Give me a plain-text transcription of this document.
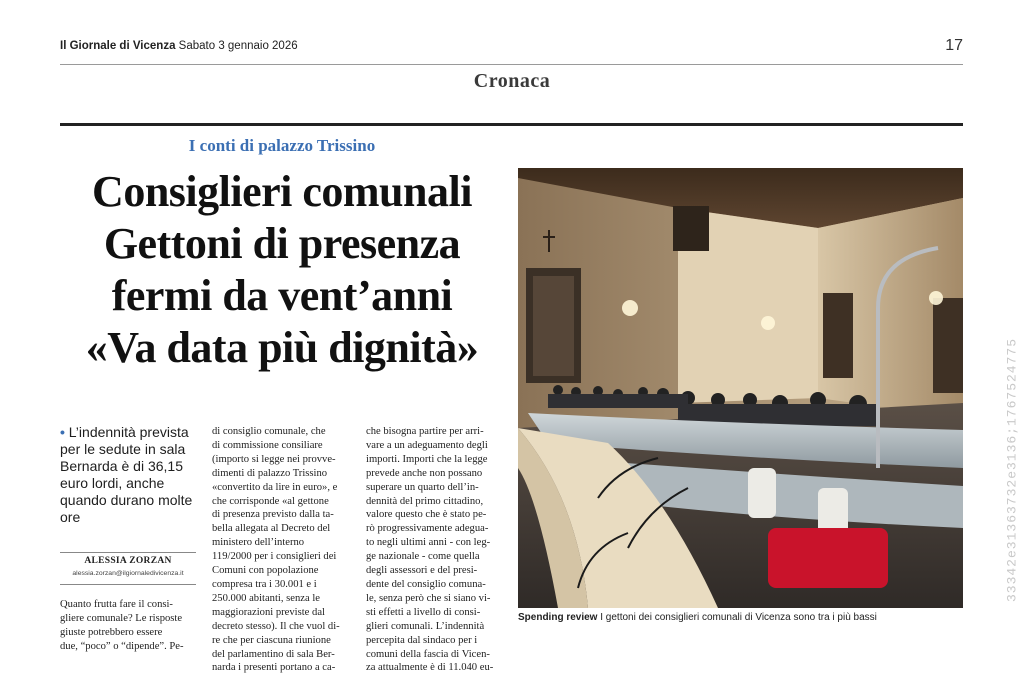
Il Giornale di Vicenza Sabato 3 gennaio 2026	17
Cronaca
I conti di palazzo Trissino
Consiglieri comunali
Gettoni di presenza
fermi da vent’anni
«Va data più dignità»
• L’indennità prevista per le sedute in sala Bernarda è di 36,15 euro lordi, anche quando durano molte ore
ALESSIA ZORZAN
alessia.zorzan@ilgiornaledivicenza.it
Quanto frutta fare il consi-
gliere comunale? Le risposte
giuste potrebbero essere
due, “poco” o “dipende”. Pe-
di consiglio comunale, che
di commissione consiliare
(importo si legge nei provve-
dimenti di palazzo Trissino
«convertito da lire in euro», e
che corrisponde «al gettone
di presenza previsto dalla ta-
bella allegata al Decreto del
ministero dell’interno
119/2000 per i consiglieri dei
Comuni con popolazione
compresa tra i 30.001 e i
250.000 abitanti, senza le
maggiorazioni previste dal
decreto stesso). Il che vuol di-
re che per ciascuna riunione
del parlamentino di sala Ber-
narda i presenti portano a ca-
che bisogna partire per arri-
vare a un adeguamento degli
importi. Importi che la legge
prevede anche non possano
superare un quarto dell’in-
dennità del primo cittadino,
valore questo che è stato pe-
rò progressivamente adegua-
to negli ultimi anni - con leg-
ge nazionale - come quella
degli assessori e del presi-
dente del consiglio comuna-
le, senza però che si siano vi-
sti effetti a livello di consi-
glieri comunali. L’indennità
percepita dal sindaco per i
comuni della fascia di Vicen-
za attualmente è di 11.040 eu-
Spending review I gettoni dei consiglieri comunali di Vicenza sono tra i più bassi
33342e31363732e3136;1767524775
